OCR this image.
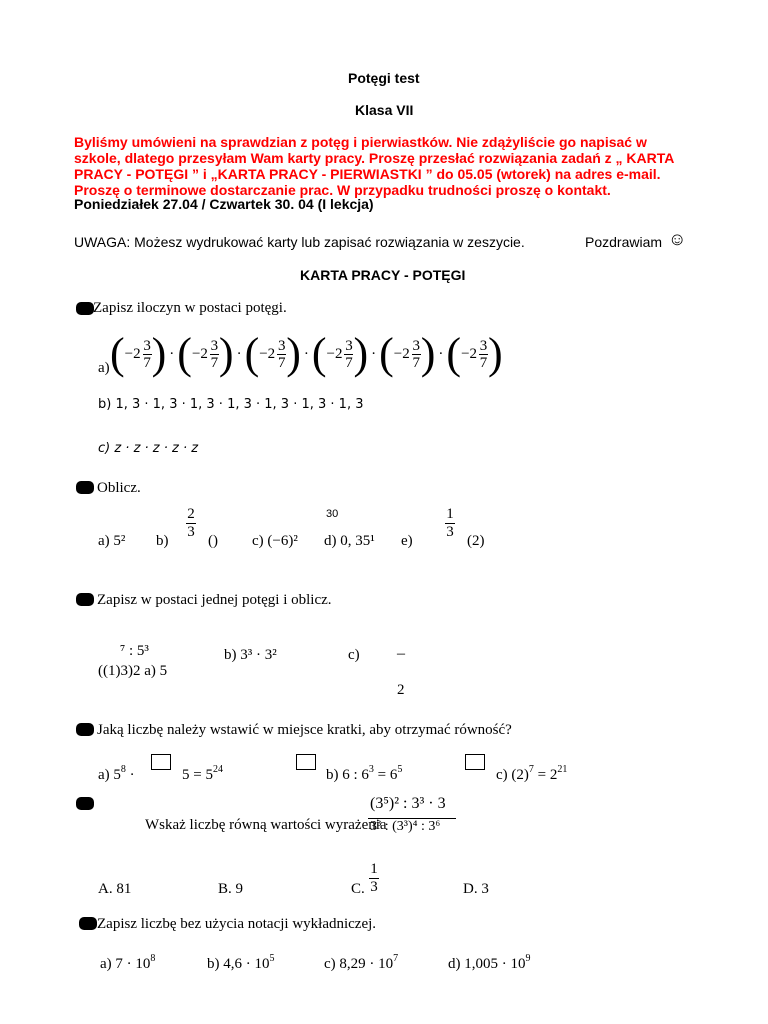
Potęgi test
Klasa VII
Byliśmy umówieni na sprawdzian z potęg i pierwiastków. Nie zdążyliście go napisać w szkole, dlatego przesyłam Wam karty pracy. Proszę przesłać rozwiązania zadań z „ KARTA PRACY - POTĘGI ” i „KARTA PRACY - PIERWIASTKI ” do 05.05 (wtorek) na adres e-mail. Proszę o terminowe dostarczanie prac. W przypadku trudności proszę o kontakt.
Poniedziałek 27.04 / Czwartek 30. 04 (I lekcja)
UWAGA: Możesz wydrukować karty lub zapisać rozwiązania w zeszycie.	Pozdrawiam ☺
KARTA PRACY - POTĘGI
Zapisz iloczyn w postaci potęgi.
a) ( −2 3
7 ) · ( −2 3
7 ) · ( −2 3
7 ) · ( −2 3
7 ) · ( −2 3
7 ) · ( −2 3
7 )
b) 1, 3 · 1, 3 · 1, 3 · 1, 3 · 1, 3 · 1, 3 · 1, 3
c) z · z · z · z · z
Oblicz.
a) 5² b)
2
3
() c) (−6)²
30
d) 0, 35¹ e)
1
3
(2)
Zapisz w postaci jednej potęgi i oblicz.
⁷ : 5³
((1)3)2 a) 5
b) 3³ · 3²	c) –
2
Jaką liczbę należy wstawić w miejsce kratki, aby otrzymać równość?
a) $5^8$ ·	$5 = 5^{24}$	b) 6 : $6^3 = 6^5$	c) $(2)^7 = 2^{21}$
(3⁵)² : 3³ · 3
Wskaż liczbę równą wartości wyrażenia
3³ : (3³)⁴ : 3⁶
A. 81	B. 9	C.
1
3	D. 3
Zapisz liczbę bez użycia notacji wykładniczej.
a) $7 \cdot 10^8$	b) $4,6 \cdot 10^5$	c) $8,29 \cdot 10^7$	d) $1,005 \cdot 10^9$
